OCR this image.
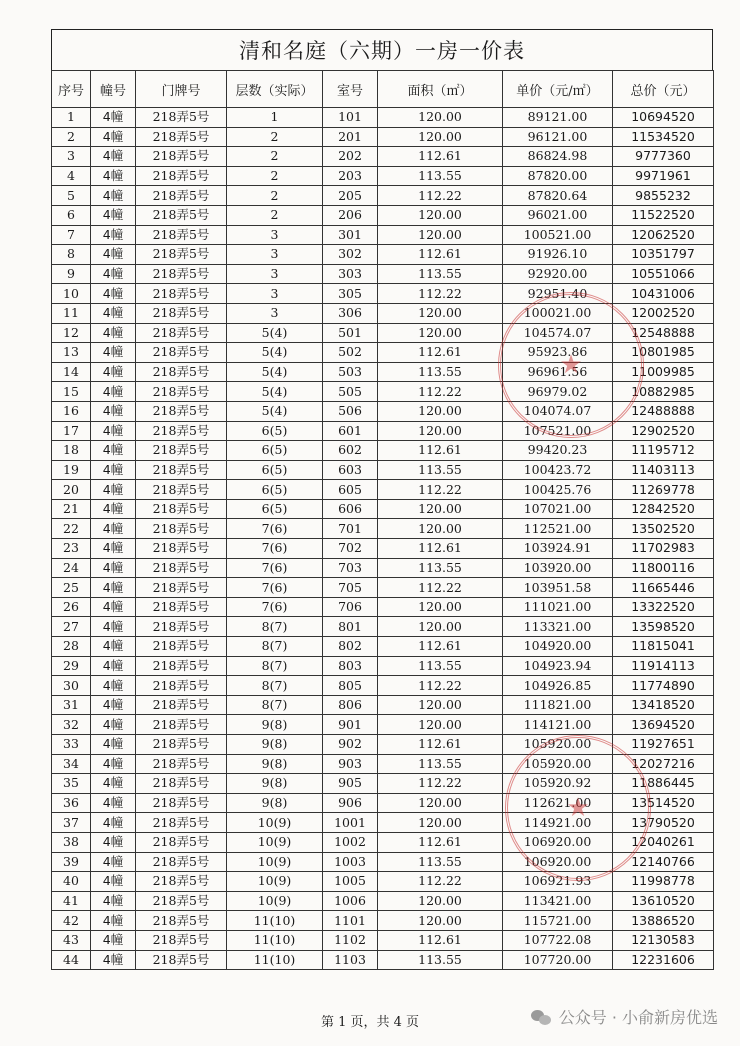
清和名庭（六期）一房一价表
序号	幢号	门牌号	层数（实际）	室号	面积（㎡）	单价（元/㎡）	总价（元）
1	4幢	218弄5号	1	101	120.00	89121.00	10694520
2	4幢	218弄5号	2	201	120.00	96121.00	11534520
3	4幢	218弄5号	2	202	112.61	86824.98	9777360
4	4幢	218弄5号	2	203	113.55	87820.00	9971961
5	4幢	218弄5号	2	205	112.22	87820.64	9855232
6	4幢	218弄5号	2	206	120.00	96021.00	11522520
7	4幢	218弄5号	3	301	120.00	100521.00	12062520
8	4幢	218弄5号	3	302	112.61	91926.10	10351797
9	4幢	218弄5号	3	303	113.55	92920.00	10551066
10	4幢	218弄5号	3	305	112.22	92951.40	10431006
11	4幢	218弄5号	3	306	120.00	100021.00	12002520
12	4幢	218弄5号	5(4)	501	120.00	104574.07	12548888
13	4幢	218弄5号	5(4)	502	112.61	95923.86	10801985
14	4幢	218弄5号	5(4)	503	113.55	96961.56	11009985
15	4幢	218弄5号	5(4)	505	112.22	96979.02	10882985
16	4幢	218弄5号	5(4)	506	120.00	104074.07	12488888
17	4幢	218弄5号	6(5)	601	120.00	107521.00	12902520
18	4幢	218弄5号	6(5)	602	112.61	99420.23	11195712
19	4幢	218弄5号	6(5)	603	113.55	100423.72	11403113
20	4幢	218弄5号	6(5)	605	112.22	100425.76	11269778
21	4幢	218弄5号	6(5)	606	120.00	107021.00	12842520
22	4幢	218弄5号	7(6)	701	120.00	112521.00	13502520
23	4幢	218弄5号	7(6)	702	112.61	103924.91	11702983
24	4幢	218弄5号	7(6)	703	113.55	103920.00	11800116
25	4幢	218弄5号	7(6)	705	112.22	103951.58	11665446
26	4幢	218弄5号	7(6)	706	120.00	111021.00	13322520
27	4幢	218弄5号	8(7)	801	120.00	113321.00	13598520
28	4幢	218弄5号	8(7)	802	112.61	104920.00	11815041
29	4幢	218弄5号	8(7)	803	113.55	104923.94	11914113
30	4幢	218弄5号	8(7)	805	112.22	104926.85	11774890
31	4幢	218弄5号	8(7)	806	120.00	111821.00	13418520
32	4幢	218弄5号	9(8)	901	120.00	114121.00	13694520
33	4幢	218弄5号	9(8)	902	112.61	105920.00	11927651
34	4幢	218弄5号	9(8)	903	113.55	105920.00	12027216
35	4幢	218弄5号	9(8)	905	112.22	105920.92	11886445
36	4幢	218弄5号	9(8)	906	120.00	112621.00	13514520
37	4幢	218弄5号	10(9)	1001	120.00	114921.00	13790520
38	4幢	218弄5号	10(9)	1002	112.61	106920.00	12040261
39	4幢	218弄5号	10(9)	1003	113.55	106920.00	12140766
40	4幢	218弄5号	10(9)	1005	112.22	106921.93	11998778
41	4幢	218弄5号	10(9)	1006	120.00	113421.00	13610520
42	4幢	218弄5号	11(10)	1101	120.00	115721.00	13886520
43	4幢	218弄5号	11(10)	1102	112.61	107722.08	12130583
44	4幢	218弄5号	11(10)	1103	113.55	107720.00	12231606
★
★
第 1 页，共 4 页	公众号 · 小俞新房优选
